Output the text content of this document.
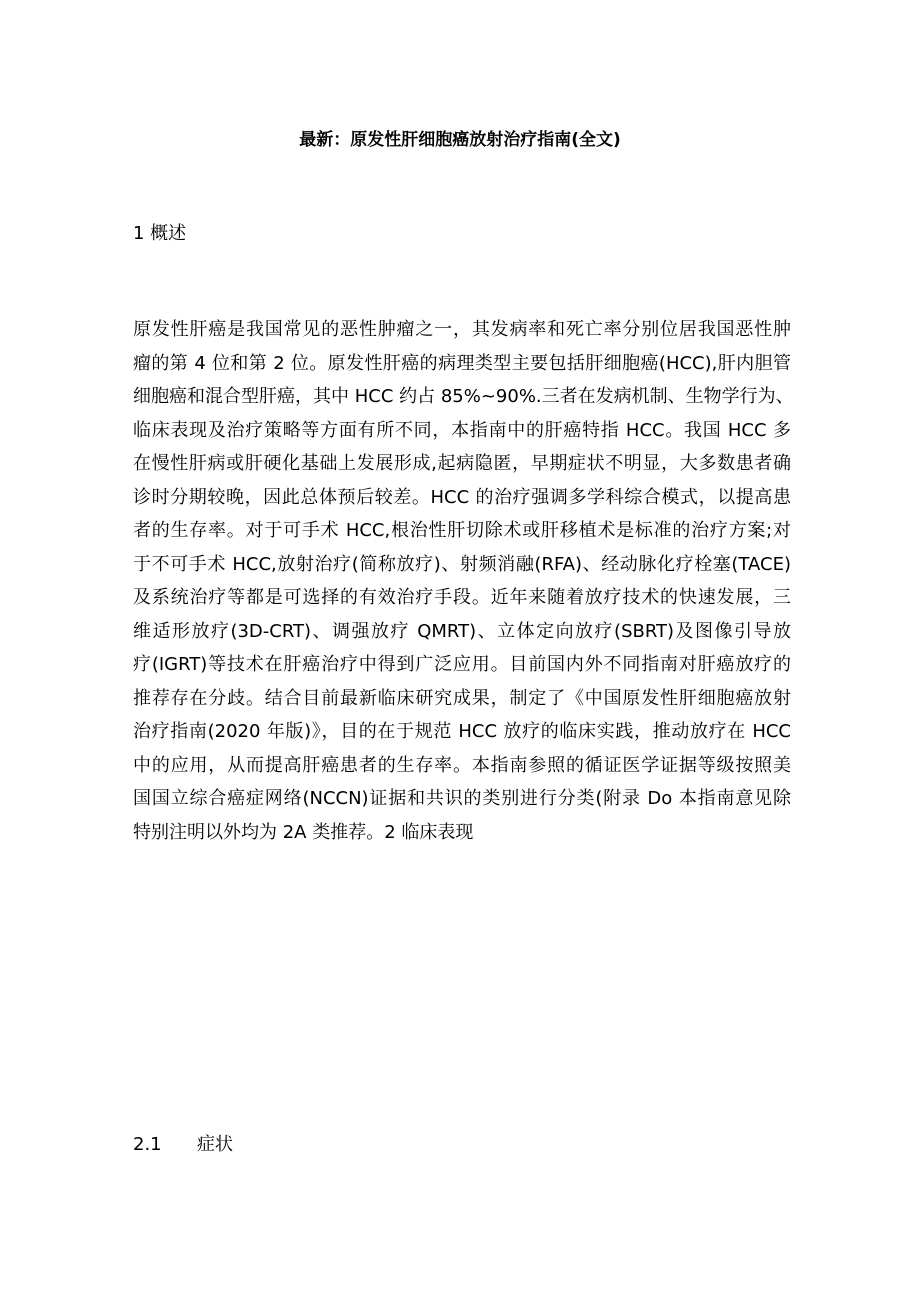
最新：原发性肝细胞癌放射治疗指南(全文)
1 概述
原发性肝癌是我国常见的恶性肿瘤之一，其发病率和死亡率分别位居我国恶性肿
瘤的第 4 位和第 2 位。原发性肝癌的病理类型主要包括肝细胞癌(HCC),肝内胆管
细胞癌和混合型肝癌，其中 HCC 约占 85%~90%.三者在发病机制、生物学行为、
临床表现及治疗策略等方面有所不同，本指南中的肝癌特指 HCC。我国 HCC 多
在慢性肝病或肝硬化基础上发展形成,起病隐匿，早期症状不明显，大多数患者确
诊时分期较晚，因此总体预后较差。HCC 的治疗强调多学科综合模式，以提高患
者的生存率。对于可手术 HCC,根治性肝切除术或肝移植术是标准的治疗方案;对
于不可手术 HCC,放射治疗(简称放疗)、射频消融(RFA)、经动脉化疗栓塞(TACE)
及系统治疗等都是可选择的有效治疗手段。近年来随着放疗技术的快速发展，三
维适形放疗(3D-CRT)、调强放疗 QMRT)、立体定向放疗(SBRT)及图像引导放
疗(IGRT)等技术在肝癌治疗中得到广泛应用。目前国内外不同指南对肝癌放疗的
推荐存在分歧。结合目前最新临床研究成果，制定了《中国原发性肝细胞癌放射
治疗指南(2020 年版)》，目的在于规范 HCC 放疗的临床实践，推动放疗在 HCC
中的应用，从而提高肝癌患者的生存率。本指南参照的循证医学证据等级按照美
国国立综合癌症网络(NCCN)证据和共识的类别进行分类(附录 Do 本指南意见除
特别注明以外均为 2A 类推荐。2 临床表现
2.1 症状
